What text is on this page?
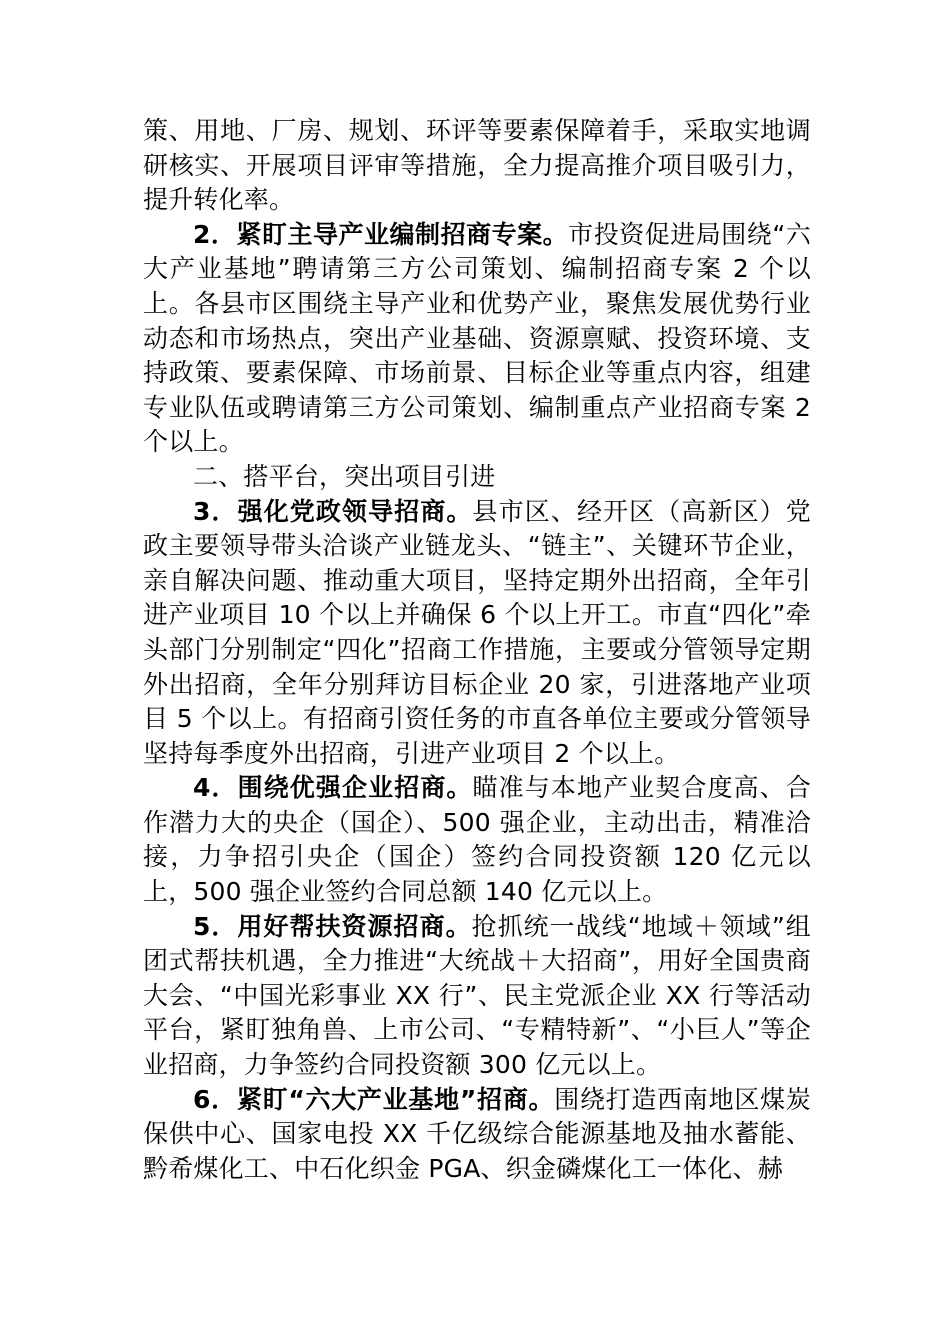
策、用地、厂房、规划、环评等要素保障着手，采取实地调研核实、开展项目评审等措施，全力提高推介项目吸引力，提升转化率。

2．紧盯主导产业编制招商专案。市投资促进局围绕“六大产业基地”聘请第三方公司策划、编制招商专案 2 个以上。各县市区围绕主导产业和优势产业，聚焦发展优势行业动态和市场热点，突出产业基础、资源禀赋、投资环境、支持政策、要素保障、市场前景、目标企业等重点内容，组建专业队伍或聘请第三方公司策划、编制重点产业招商专案 2 个以上。

二、搭平台，突出项目引进

3．强化党政领导招商。县市区、经开区（高新区）党政主要领导带头洽谈产业链龙头、“链主”、关键环节企业，亲自解决问题、推动重大项目，坚持定期外出招商，全年引进产业项目 10 个以上并确保 6 个以上开工。市直“四化”牵头部门分别制定“四化”招商工作措施，主要或分管领导定期外出招商，全年分别拜访目标企业 20 家，引进落地产业项目 5 个以上。有招商引资任务的市直各单位主要或分管领导坚持每季度外出招商，引进产业项目 2 个以上。

4．围绕优强企业招商。瞄准与本地产业契合度高、合作潜力大的央企（国企）、500 强企业，主动出击，精准洽接，力争招引央企（国企）签约合同投资额 120 亿元以上，500 强企业签约合同总额 140 亿元以上。

5．用好帮扶资源招商。抢抓统一战线“地域＋领域”组团式帮扶机遇，全力推进“大统战＋大招商”，用好全国贵商大会、“中国光彩事业 XX 行”、民主党派企业 XX 行等活动平台，紧盯独角兽、上市公司、“专精特新”、“小巨人”等企业招商，力争签约合同投资额 300 亿元以上。

6．紧盯“六大产业基地”招商。围绕打造西南地区煤炭保供中心、国家电投 XX 千亿级综合能源基地及抽水蓄能、黔希煤化工、中石化织金 PGA、织金磷煤化工一体化、赫
